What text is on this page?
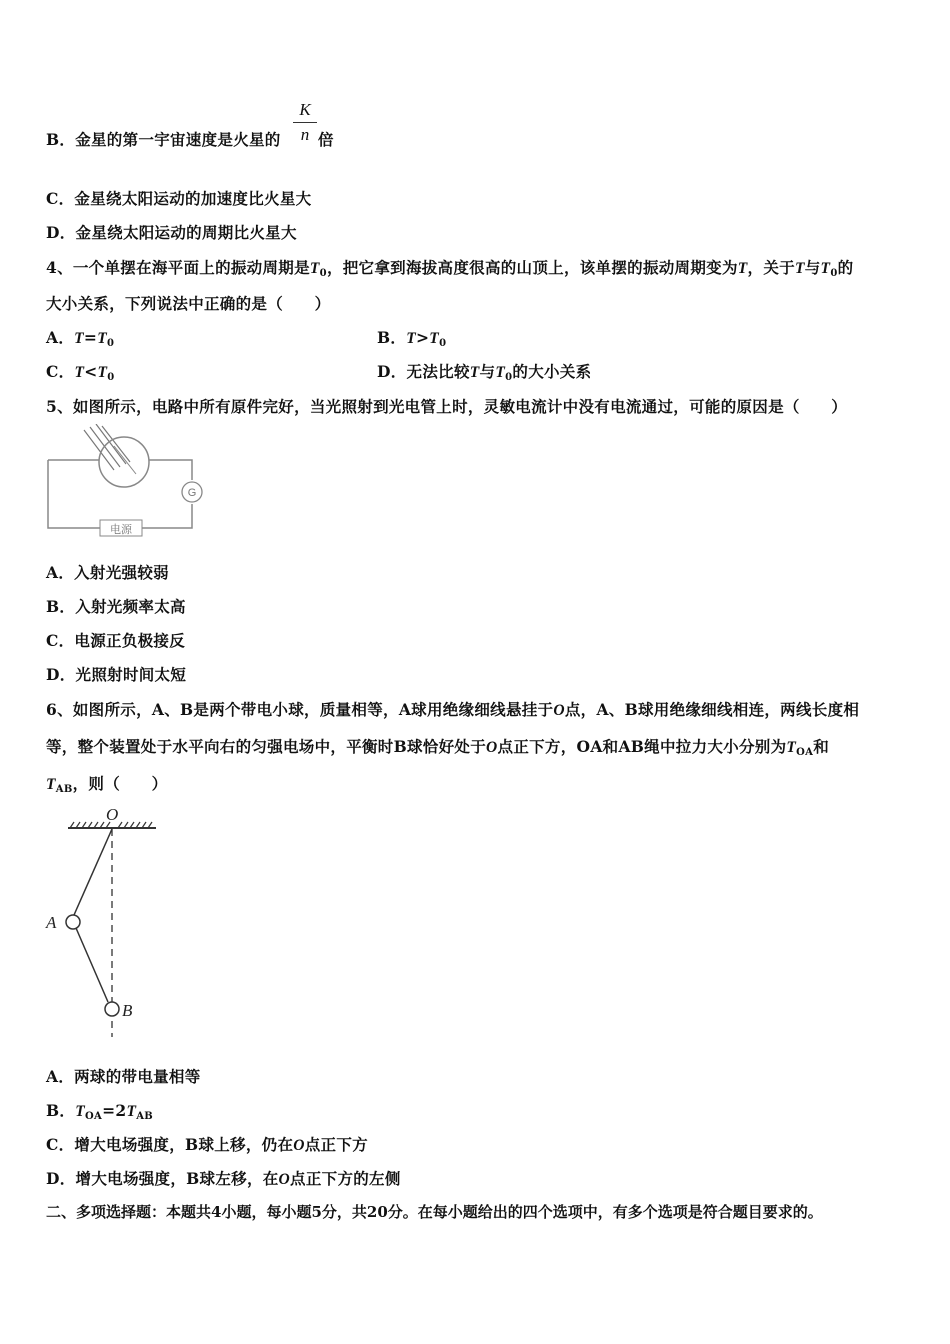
B．金星的第一宇宙速度是火星的
K
n 倍
C．金星绕太阳运动的加速度比火星大
D．金星绕太阳运动的周期比火星大
4、一个单摆在海平面上的振动周期是$T_0$，把它拿到海拔高度很高的山顶上，该单摆的振动周期变为T，关于T与$T_0$的
大小关系，下列说法中正确的是（　　）
A．$T=T_0$	B．$T>T_0$
C．$T<T_0$	D．无法比较T与$T_0$的大小关系
5、如图所示，电路中所有原件完好，当光照射到光电管上时，灵敏电流计中没有电流通过，可能的原因是（　　）
G
电源
A．入射光强较弱
B．入射光频率太高
C．电源正负极接反
D．光照射时间太短
6、如图所示，A、B是两个带电小球，质量相等，A球用绝缘细线悬挂于O点，A、B球用绝缘细线相连，两线长度相
等，整个装置处于水平向右的匀强电场中，平衡时B球恰好处于O点正下方，OA和AB绳中拉力大小分别为$T_{OA}$和
$T_{AB}$，则（　　）
O
A
B
A．两球的带电量相等
B．$T_{OA}=2T_{AB}$
C．增大电场强度，B球上移，仍在O点正下方
D．增大电场强度，B球左移，在O点正下方的左侧
二、多项选择题：本题共4小题，每小题5分，共20分。在每小题给出的四个选项中，有多个选项是符合题目要求的。
